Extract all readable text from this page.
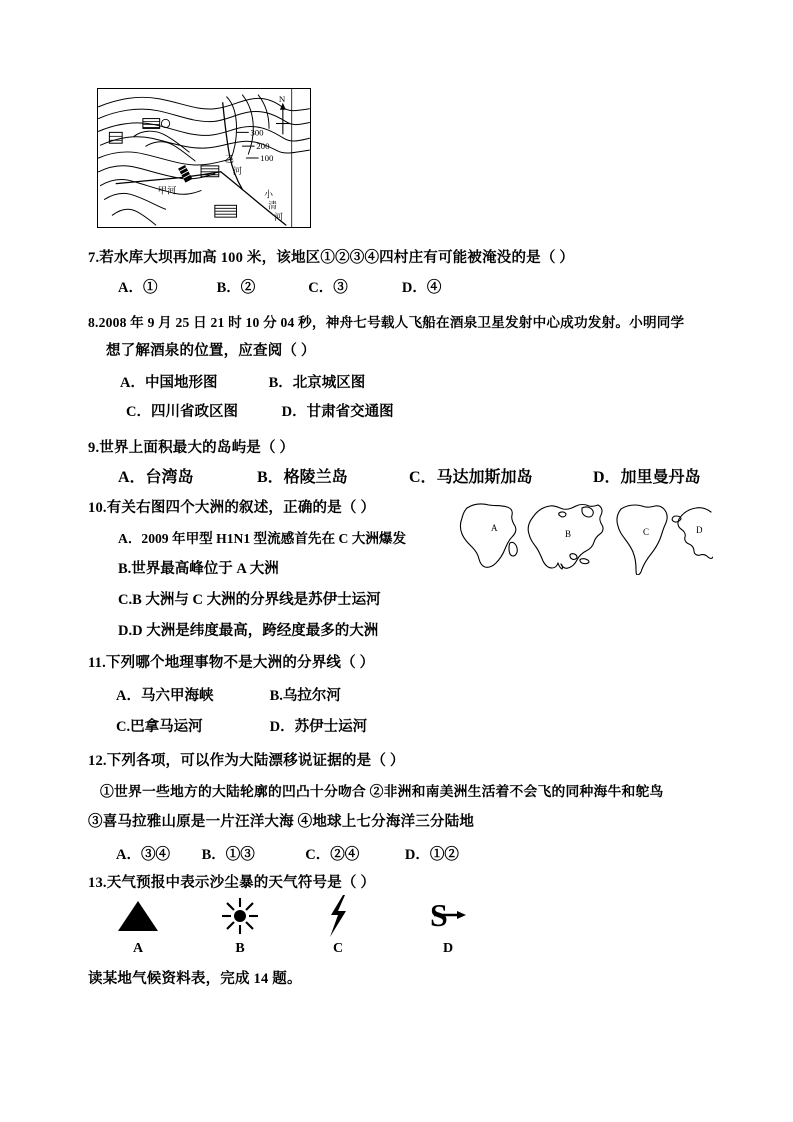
300
200
100
甲河
乙
河
小
清
河
N
7.若水库大坝再加高 100 米，该地区①②③④四村庄有可能被淹没的是（ ）
A．①	B．②	C．③	D．④
8.2008 年 9 月 25 日 21 时 10 分 04 秒，神舟七号载人飞船在酒泉卫星发射中心成功发射。小明同学
想了解酒泉的位置，应查阅（ ）
A．中国地形图	B．北京城区图
C．四川省政区图	D．甘肃省交通图
9.世界上面积最大的岛屿是（ ）
A．台湾岛	B．格陵兰岛	C．马达加斯加岛	D．加里曼丹岛
10.有关右图四个大洲的叙述，正确的是（ ）
A．2009 年甲型 H1N1 型流感首先在 C 大洲爆发
B.世界最高峰位于 A 大洲
C.B 大洲与 C 大洲的分界线是苏伊士运河
D.D 大洲是纬度最高，跨经度最多的大洲
A
B	C	D
11.下列哪个地理事物不是大洲的分界线（ ）
A．马六甲海峡	B.乌拉尔河
C.巴拿马运河	D．苏伊士运河
12.下列各项，可以作为大陆漂移说证据的是（ ）
①世界一些地方的大陆轮廓的凹凸十分吻合 ②非洲和南美洲生活着不会飞的同种海牛和鸵鸟
③喜马拉雅山原是一片汪洋大海 ④地球上七分海洋三分陆地
A．③④ B．①③	C．②④	D．①②
13.天气预报中表示沙尘暴的天气符号是（ ）
A	B	C
S
D
读某地气候资料表，完成 14 题。
